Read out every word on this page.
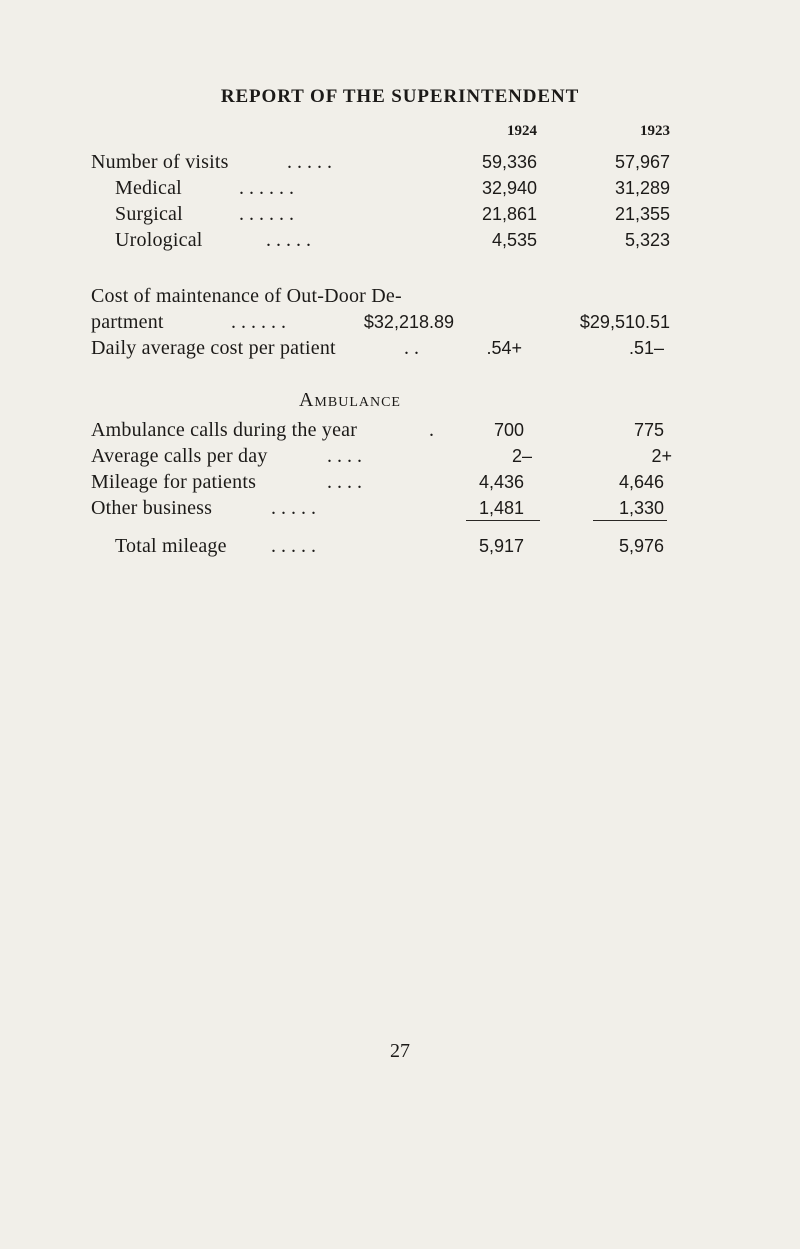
REPORT OF THE SUPERINTENDENT
1924	1923
Number of visits	. . . . .	59,336	57,967
Medical	. . . . . .	32,940	31,289
Surgical	. . . . . .	21,861	21,355
Urological	. . . . .	4,535	5,323
Cost of maintenance of Out-Door De-
partment	. . . . . .	$32,218.89	$29,510.51
Daily average cost per patient	. .	.54+	.51–
Ambulance
Ambulance calls during the year	.	700	775
Average calls per day	. . . .	2–	2+
Mileage for patients	. . . .	4,436	4,646
Other business	. . . . .	1,481	1,330
Total mileage . . . . .	5,917	5,976
27
